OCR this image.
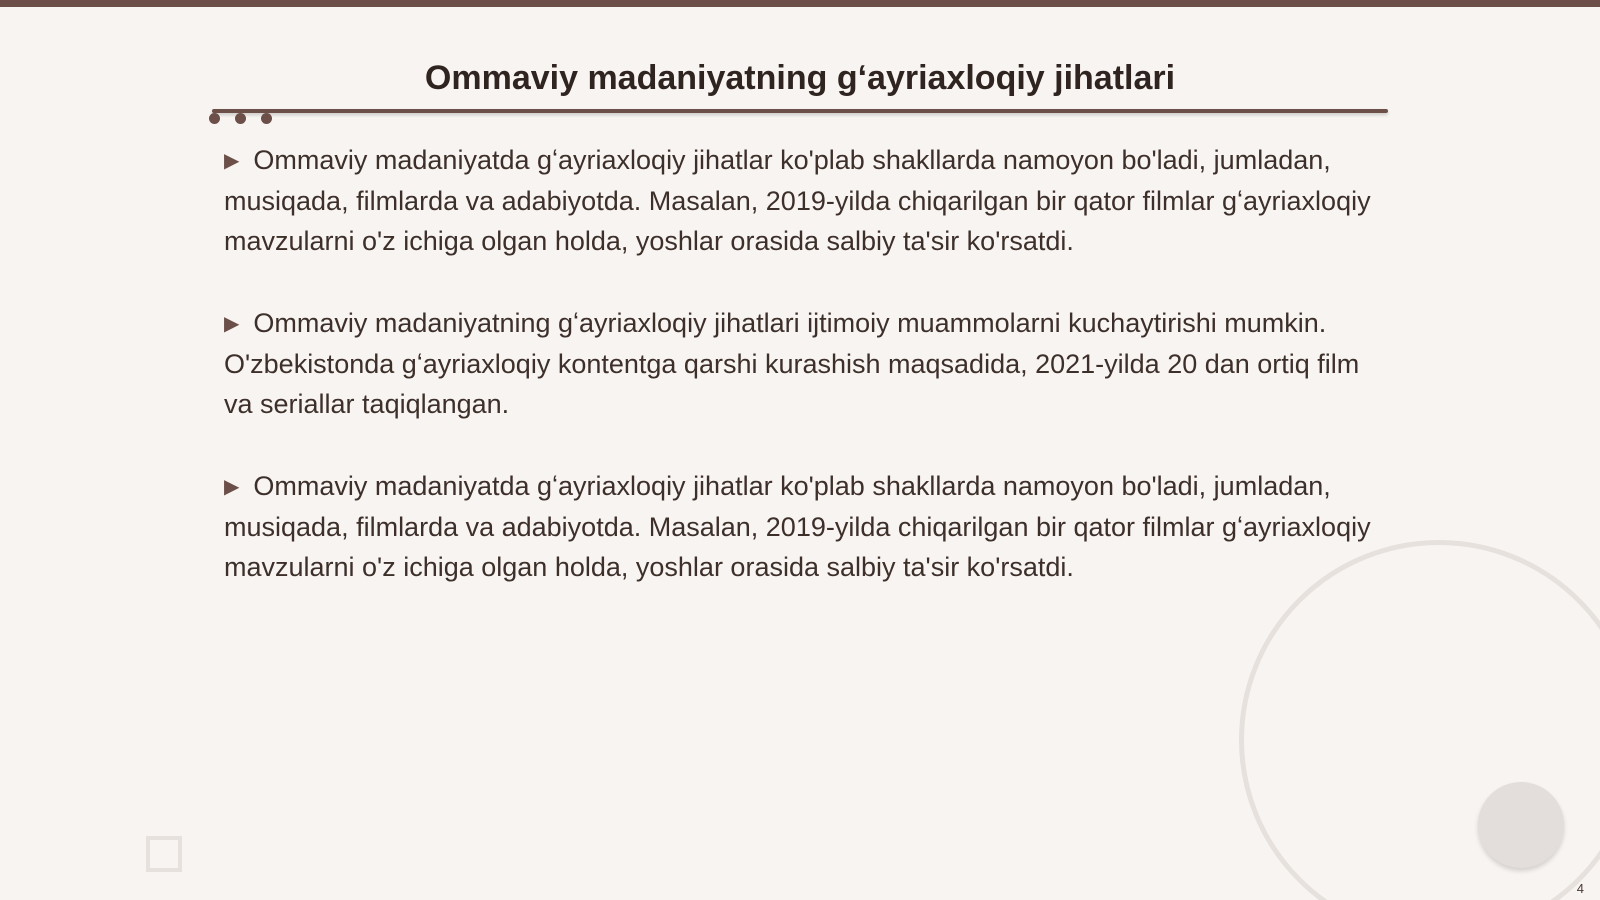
Ommaviy madaniyatning gʻayriaxloqiy jihatlari

▶ Ommaviy madaniyatda gʻayriaxloqiy jihatlar ko'plab shakllarda namoyon bo'ladi, jumladan, musiqada, filmlarda va adabiyotda. Masalan, 2019-yilda chiqarilgan bir qator filmlar gʻayriaxloqiy mavzularni o'z ichiga olgan holda, yoshlar orasida salbiy ta'sir ko'rsatdi.

▶ Ommaviy madaniyatning gʻayriaxloqiy jihatlari ijtimoiy muammolarni kuchaytirishi mumkin. O'zbekistonda gʻayriaxloqiy kontentga qarshi kurashish maqsadida, 2021-yilda 20 dan ortiq film va seriallar taqiqlangan.

▶ Ommaviy madaniyatda gʻayriaxloqiy jihatlar ko'plab shakllarda namoyon bo'ladi, jumladan, musiqada, filmlarda va adabiyotda. Masalan, 2019-yilda chiqarilgan bir qator filmlar gʻayriaxloqiy mavzularni o'z ichiga olgan holda, yoshlar orasida salbiy ta'sir ko'rsatdi.

4
